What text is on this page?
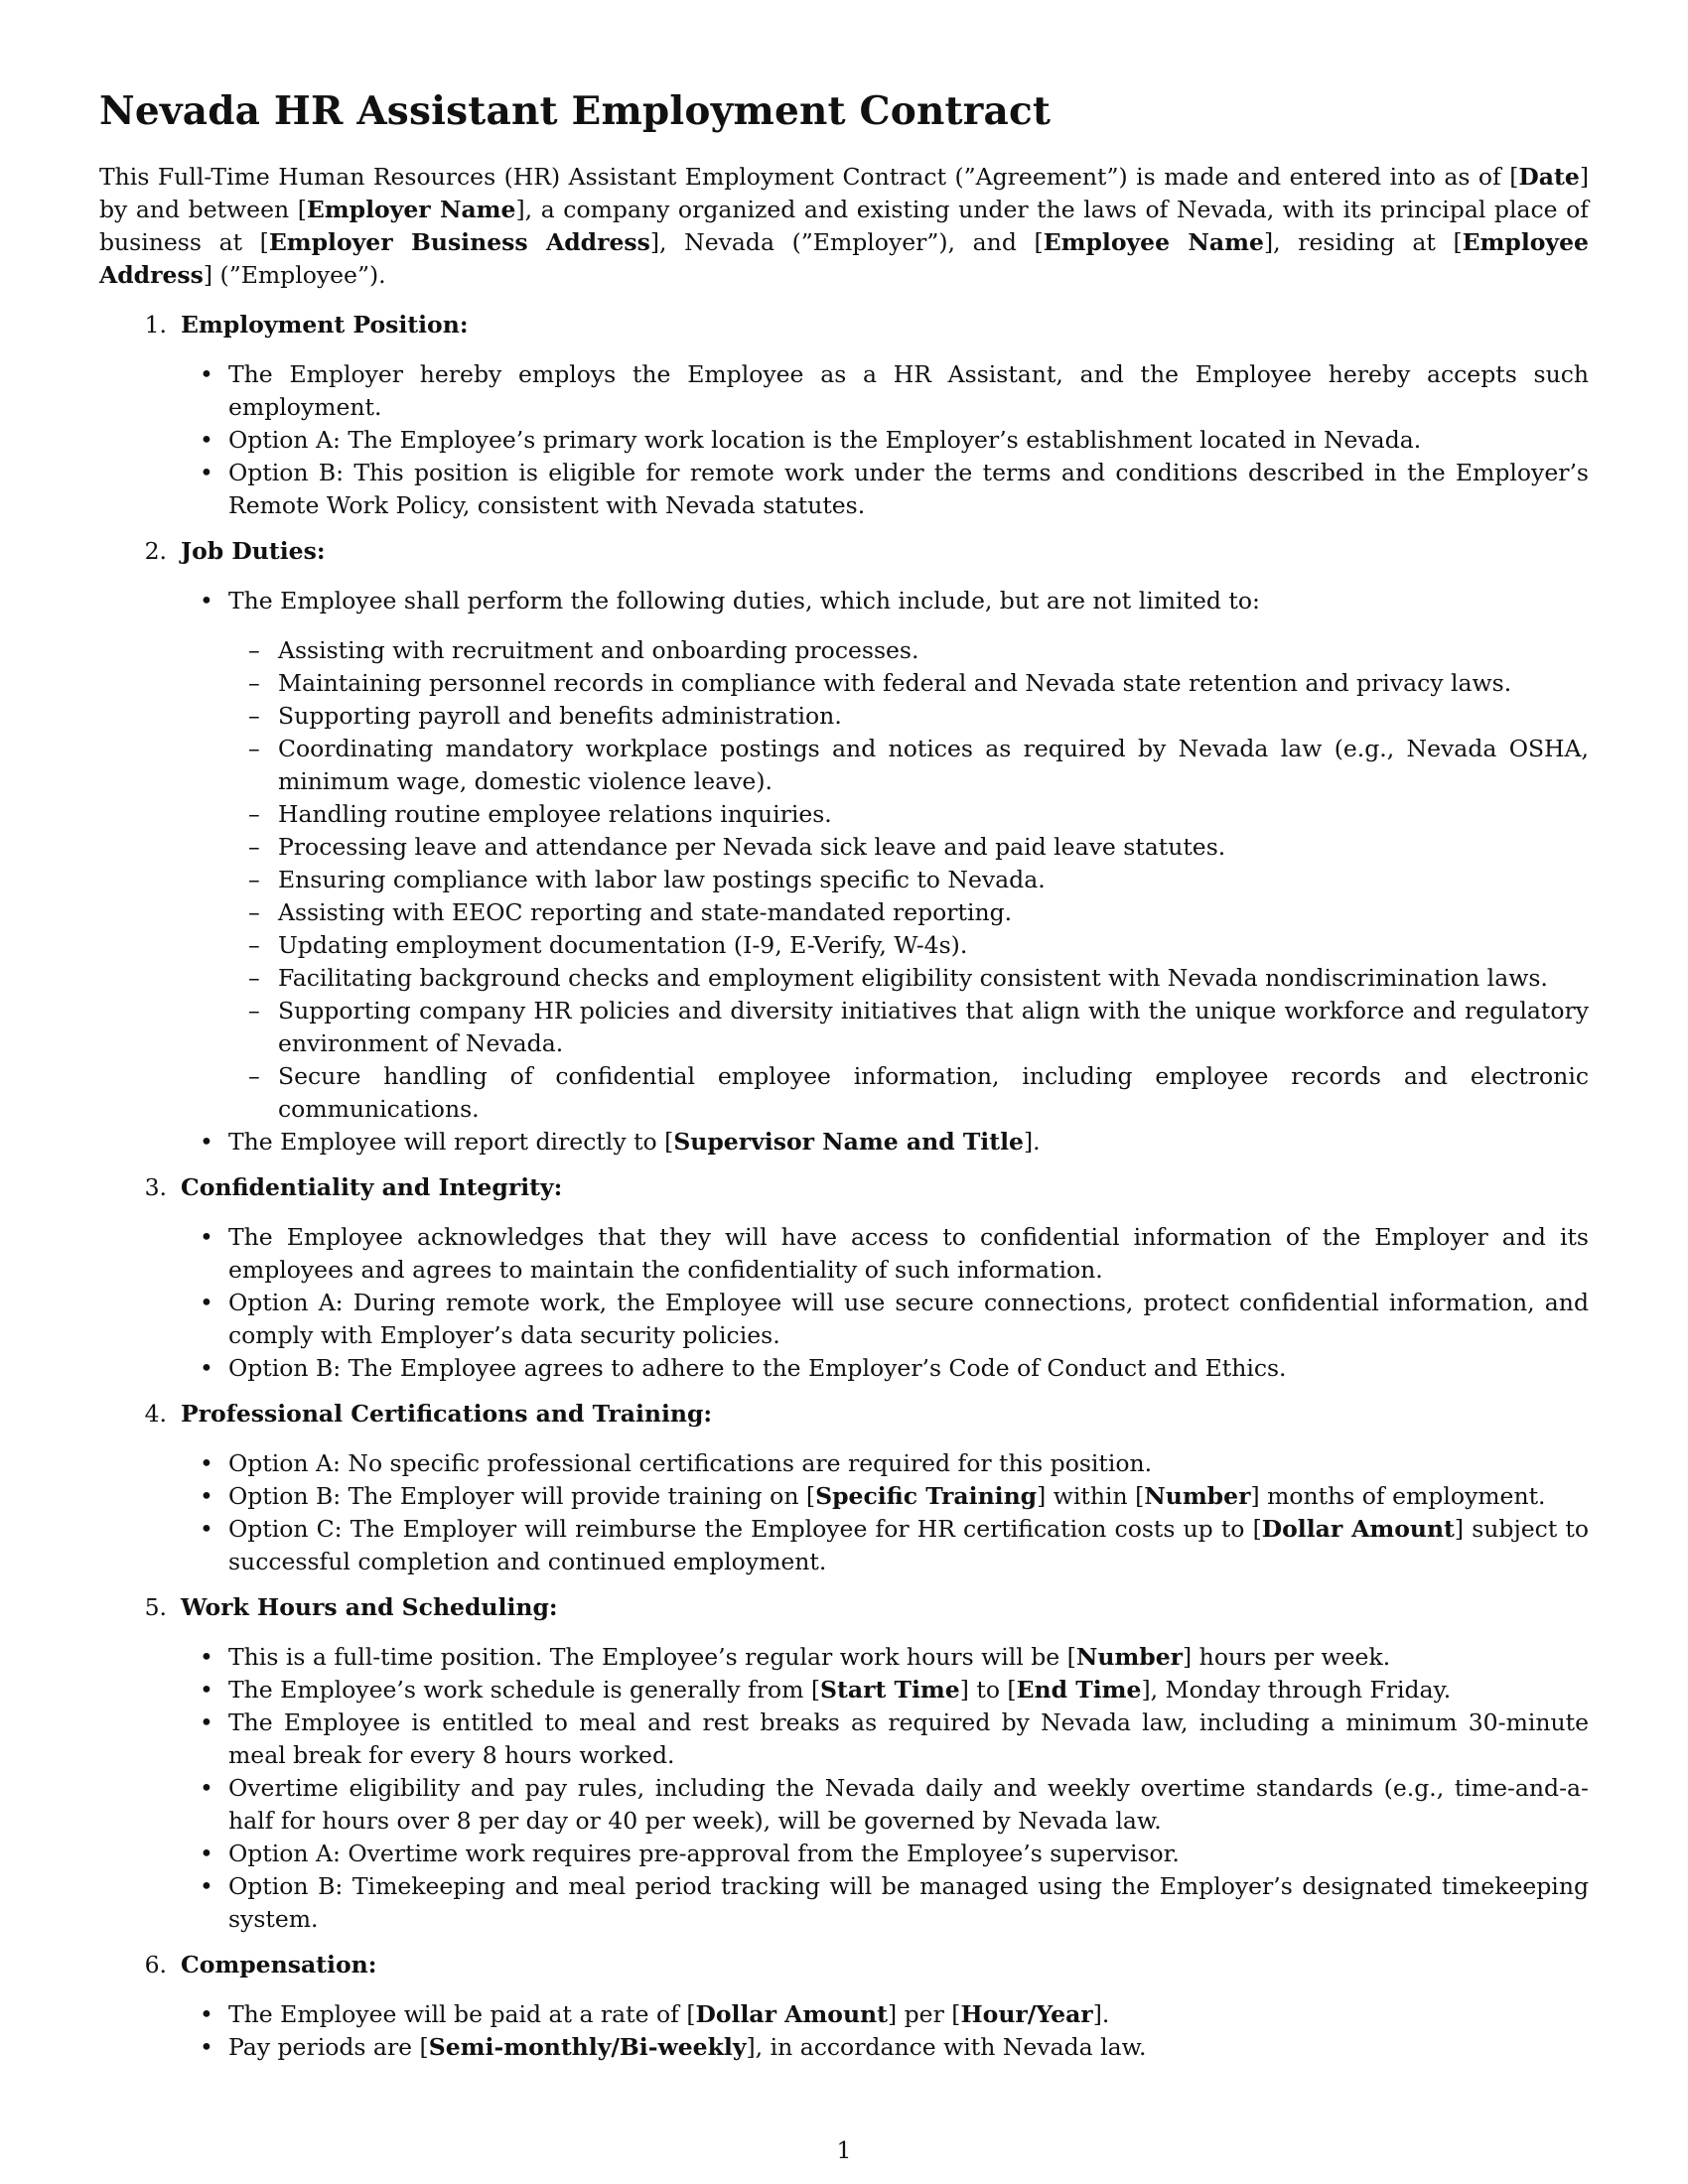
Nevada HR Assistant Employment Contract

This Full-Time Human Resources (HR) Assistant Employment Contract (”Agreement”) is made and entered into as of [Date] by and between [Employer Name], a company organized and existing under the laws of Nevada, with its principal place of business at [Employer Business Address], Nevada (”Employer”), and [Employee Name], residing at [Employee Address] (”Employee”).

1. Employment Position:
• The Employer hereby employs the Employee as a HR Assistant, and the Employee hereby accepts such employment.
• Option A: The Employee’s primary work location is the Employer’s establishment located in Nevada.
• Option B: This position is eligible for remote work under the terms and conditions described in the Employer’s Remote Work Policy, consistent with Nevada statutes.
2. Job Duties:
• The Employee shall perform the following duties, which include, but are not limited to:
– Assisting with recruitment and onboarding processes.
– Maintaining personnel records in compliance with federal and Nevada state retention and privacy laws.
– Supporting payroll and benefits administration.
– Coordinating mandatory workplace postings and notices as required by Nevada law (e.g., Nevada OSHA, minimum wage, domestic violence leave).
– Handling routine employee relations inquiries.
– Processing leave and attendance per Nevada sick leave and paid leave statutes.
– Ensuring compliance with labor law postings specific to Nevada.
– Assisting with EEOC reporting and state-mandated reporting.
– Updating employment documentation (I-9, E-Verify, W-4s).
– Facilitating background checks and employment eligibility consistent with Nevada nondiscrimination laws.
– Supporting company HR policies and diversity initiatives that align with the unique workforce and regulatory environment of Nevada.
– Secure handling of confidential employee information, including employee records and electronic communications.
• The Employee will report directly to [Supervisor Name and Title].
3. Confidentiality and Integrity:
• The Employee acknowledges that they will have access to confidential information of the Employer and its employees and agrees to maintain the confidentiality of such information.
• Option A: During remote work, the Employee will use secure connections, protect confidential information, and comply with Employer’s data security policies.
• Option B: The Employee agrees to adhere to the Employer’s Code of Conduct and Ethics.
4. Professional Certifications and Training:
• Option A: No specific professional certifications are required for this position.
• Option B: The Employer will provide training on [Specific Training] within [Number] months of employment.
• Option C: The Employer will reimburse the Employee for HR certification costs up to [Dollar Amount] subject to successful completion and continued employment.
5. Work Hours and Scheduling:
• This is a full-time position. The Employee’s regular work hours will be [Number] hours per week.
• The Employee’s work schedule is generally from [Start Time] to [End Time], Monday through Friday.
• The Employee is entitled to meal and rest breaks as required by Nevada law, including a minimum 30-minute meal break for every 8 hours worked.
• Overtime eligibility and pay rules, including the Nevada daily and weekly overtime standards (e.g., time-and-a-half for hours over 8 per day or 40 per week), will be governed by Nevada law.
• Option A: Overtime work requires pre-approval from the Employee’s supervisor.
• Option B: Timekeeping and meal period tracking will be managed using the Employer’s designated timekeeping system.
6. Compensation:
• The Employee will be paid at a rate of [Dollar Amount] per [Hour/Year].
• Pay periods are [Semi-monthly/Bi-weekly], in accordance with Nevada law.
1
